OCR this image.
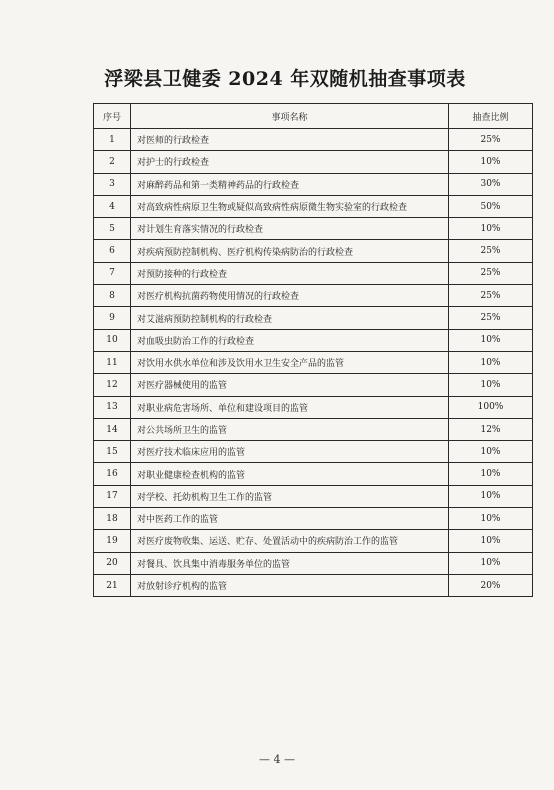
浮梁县卫健委 2024 年双随机抽查事项表
序号	事项名称	抽查比例
1	对医师的行政检查	25%
2	对护士的行政检查	10%
3	对麻醉药品和第一类精神药品的行政检查	30%
4	对高致病性病原卫生物或疑似高致病性病原微生物实验室的行政检查	50%
5	对计划生育落实情况的行政检查	10%
6	对疾病预防控制机构、医疗机构传染病防治的行政检查	25%
7	对预防接种的行政检查	25%
8	对医疗机构抗菌药物使用情况的行政检查	25%
9	对艾滋病预防控制机构的行政检查	25%
10	对血吸虫防治工作的行政检查	10%
11	对饮用水供水单位和涉及饮用水卫生安全产品的监管	10%
12	对医疗器械使用的监管	10%
13	对职业病危害场所、单位和建设项目的监管	100%
14	对公共场所卫生的监管	12%
15	对医疗技术临床应用的监管	10%
16	对职业健康检查机构的监管	10%
17	对学校、托幼机构卫生工作的监管	10%
18	对中医药工作的监管	10%
19	对医疗废物收集、运送、贮存、处置活动中的疾病防治工作的监管	10%
20	对餐具、饮具集中消毒服务单位的监管	10%
21	对放射诊疗机构的监管	20%
— 4 —
